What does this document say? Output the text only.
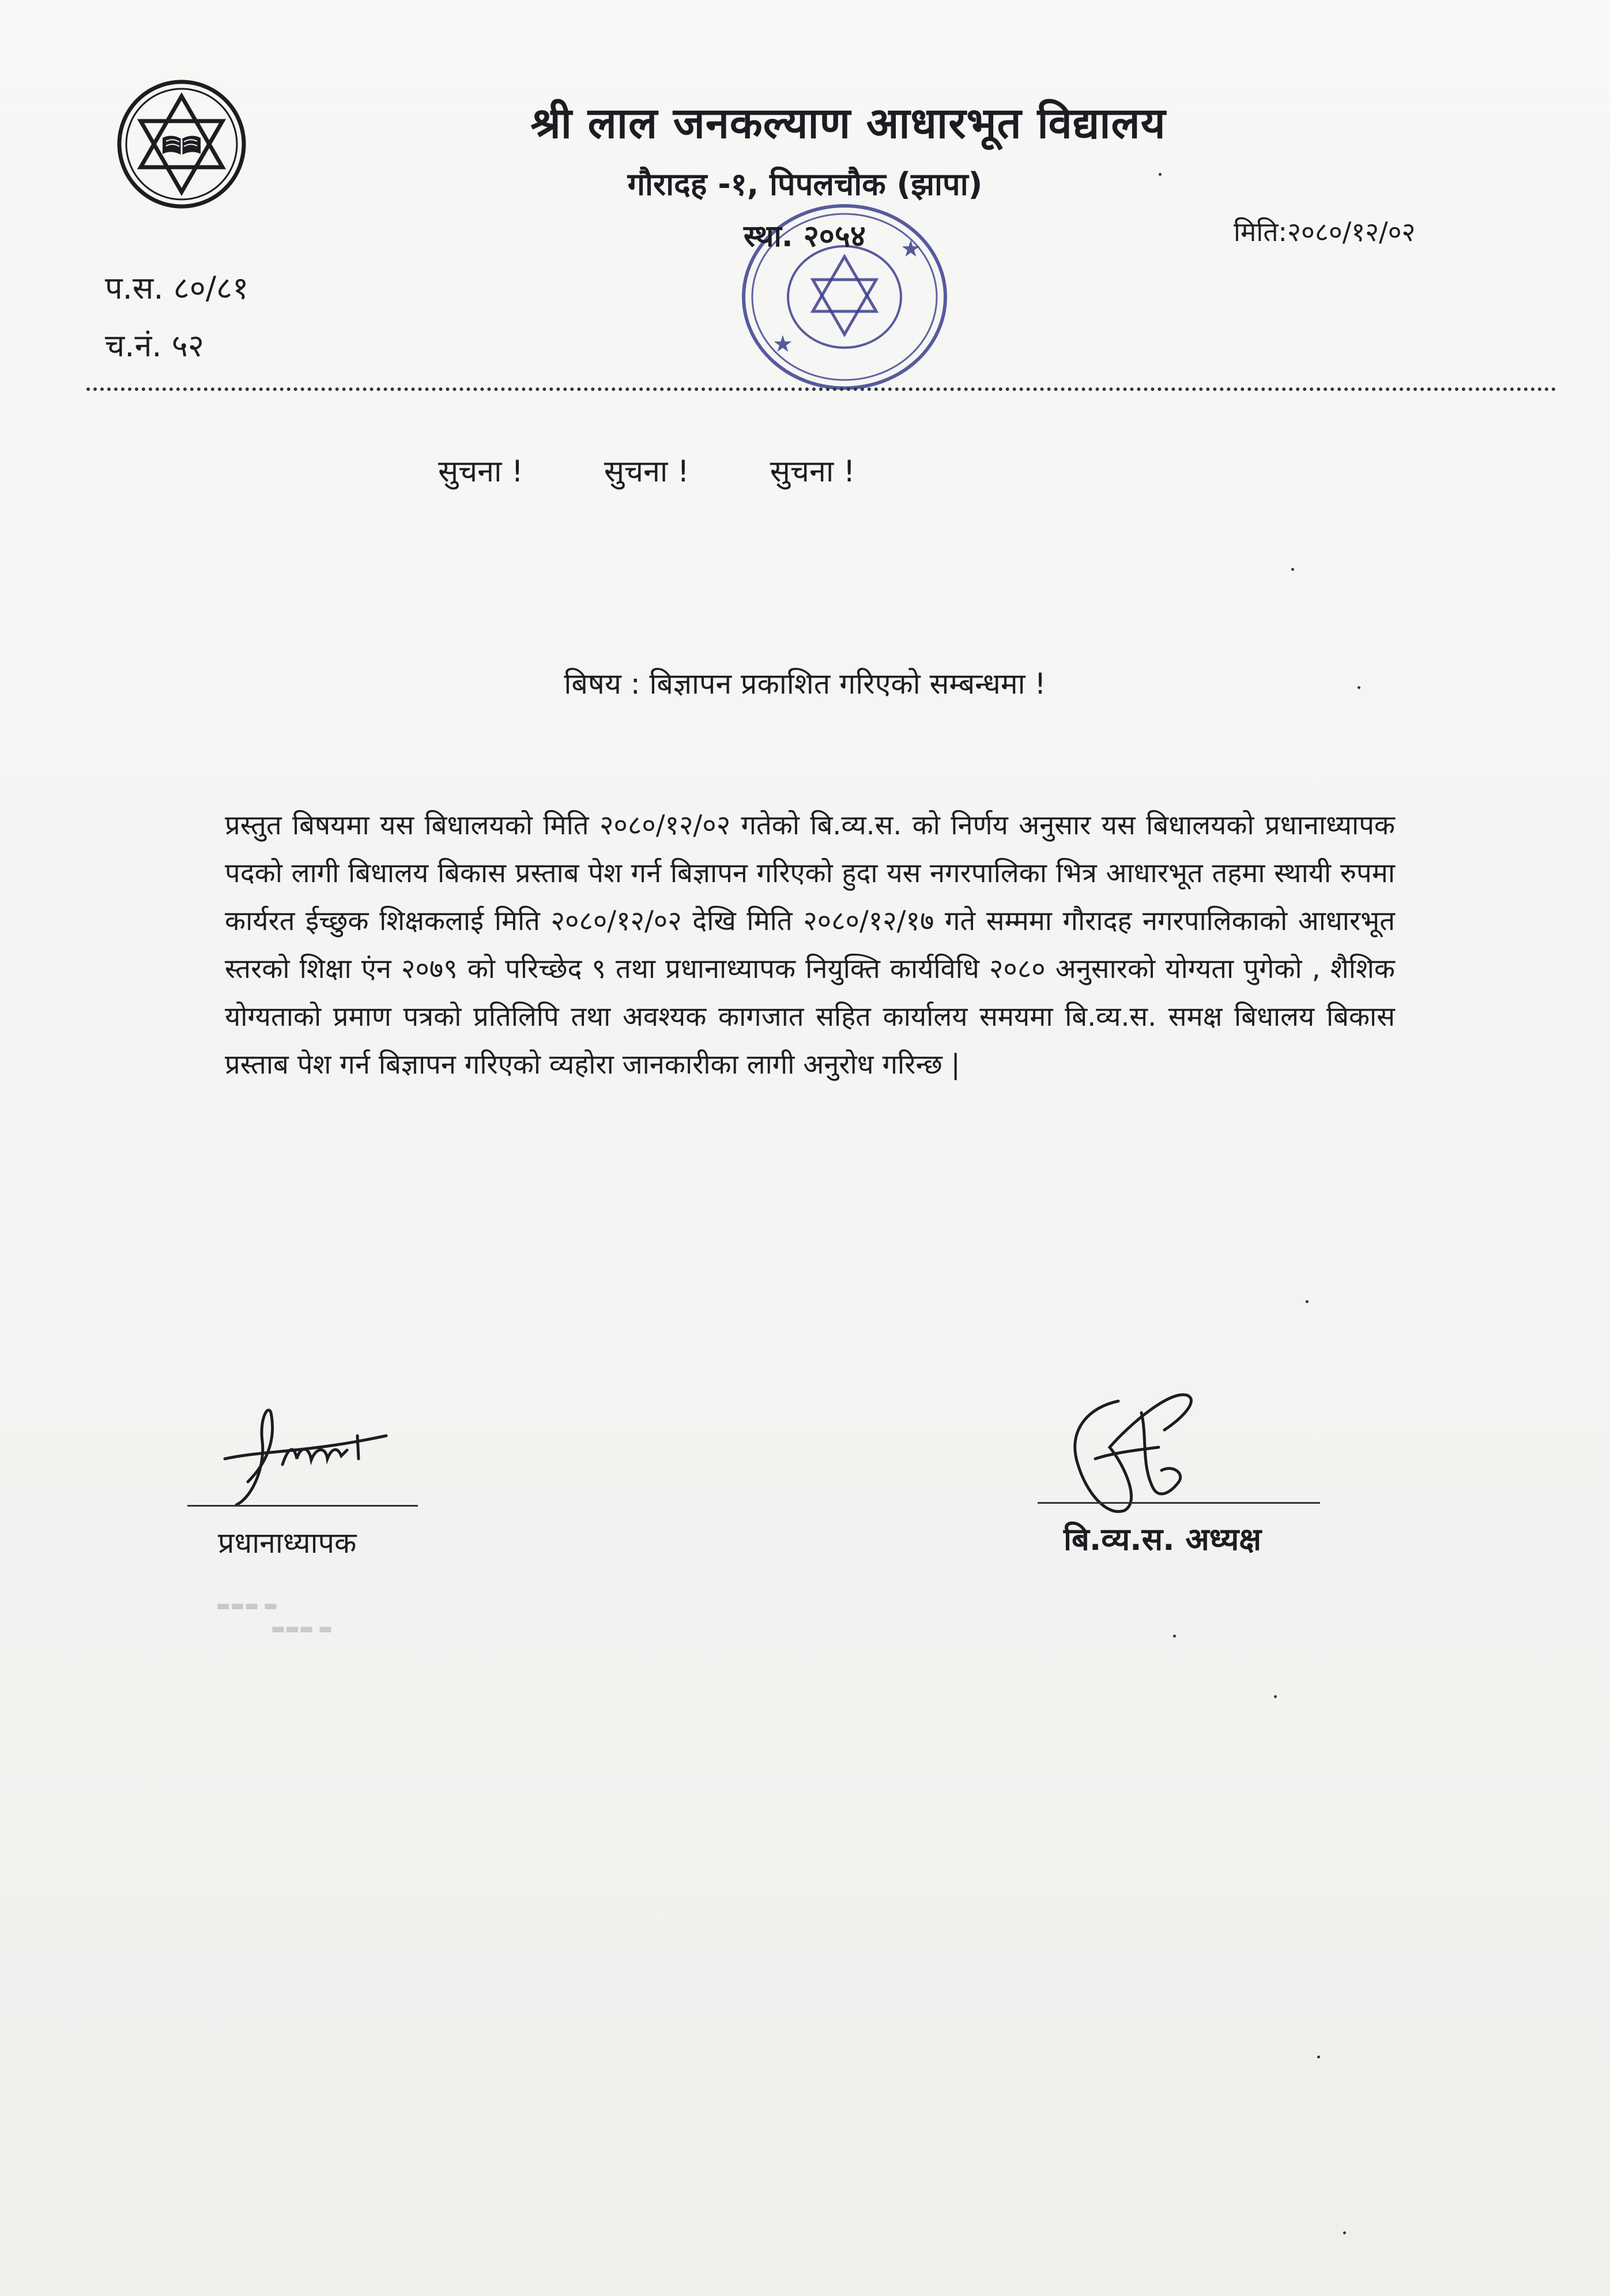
श्री लाल जनकल्याण आधारभूत विद्यालय
गौरादह -१, पिपलचौक (झापा)
★
★
स्था. २०५४	मिति:२०८०/१२/०२
प.स. ८०/८१
च.नं. ५२
सुचना !	सुचना !	सुचना !
बिषय : बिज्ञापन प्रकाशित गरिएको सम्बन्धमा !
प्रस्तुत बिषयमा यस बिधालयको मिति २०८०/१२/०२ गतेको बि.व्य.स. को निर्णय अनुसार यस बिधालयको प्रधानाध्यापक पदको लागी बिधालय बिकास प्रस्ताब पेश गर्न बिज्ञापन गरिएको हुदा यस नगरपालिका भित्र आधारभूत तहमा स्थायी रुपमा कार्यरत ईच्छुक शिक्षकलाई मिति २०८०/१२/०२ देखि मिति २०८०/१२/१७ गते सम्ममा गौरादह नगरपालिकाको आधारभूत स्तरको शिक्षा एंन २०७९ को परिच्छेद ९ तथा प्रधानाध्यापक नियुक्ति कार्यविधि २०८० अनुसारको योग्यता पुगेको , शैशिक योग्यताको प्रमाण पत्रको प्रतिलिपि तथा अवश्यक कागजात सहित कार्यालय समयमा बि.व्य.स. समक्ष बिधालय बिकास प्रस्ताब पेश गर्न बिज्ञापन गरिएको व्यहोरा जानकारीका लागी अनुरोध गरिन्छ |
प्रधानाध्यापक
▬▬▬ ▬
▬▬▬ ▬
बि.व्य.स. अध्यक्ष
